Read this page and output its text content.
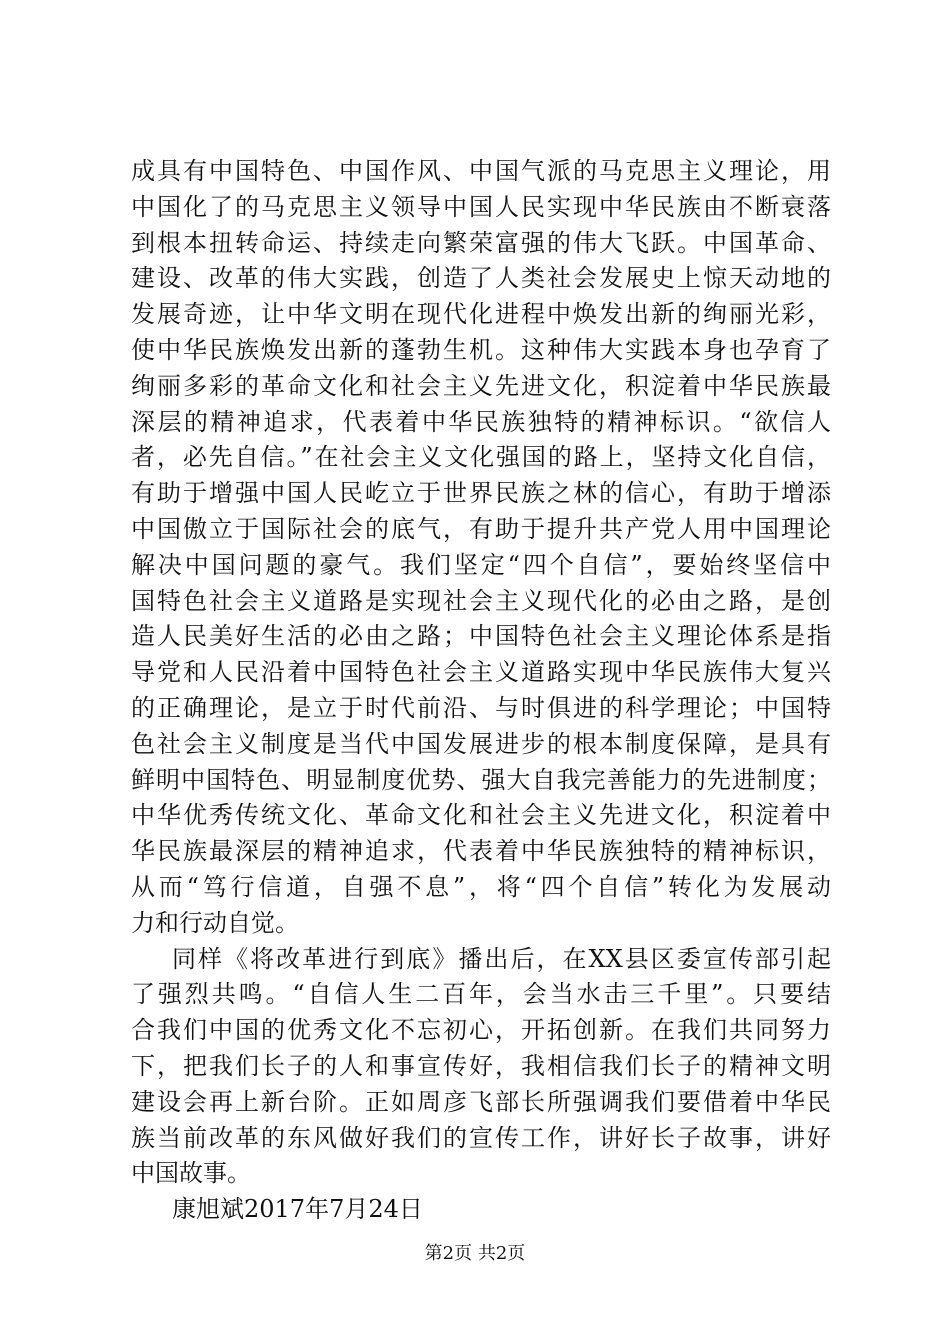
成具有中国特色、中国作风、中国气派的马克思主义理论，用
中国化了的马克思主义领导中国人民实现中华民族由不断衰落
到根本扭转命运、持续走向繁荣富强的伟大飞跃。中国革命、
建设、改革的伟大实践，创造了人类社会发展史上惊天动地的
发展奇迹，让中华文明在现代化进程中焕发出新的绚丽光彩，
使中华民族焕发出新的蓬勃生机。这种伟大实践本身也孕育了
绚丽多彩的革命文化和社会主义先进文化，积淀着中华民族最
深层的精神追求，代表着中华民族独特的精神标识。“欲信人
者，必先自信。”在社会主义文化强国的路上，坚持文化自信，
有助于增强中国人民屹立于世界民族之林的信心，有助于增添
中国傲立于国际社会的底气，有助于提升共产党人用中国理论
解决中国问题的豪气。我们坚定“四个自信”，要始终坚信中
国特色社会主义道路是实现社会主义现代化的必由之路，是创
造人民美好生活的必由之路；中国特色社会主义理论体系是指
导党和人民沿着中国特色社会主义道路实现中华民族伟大复兴
的正确理论，是立于时代前沿、与时俱进的科学理论；中国特
色社会主义制度是当代中国发展进步的根本制度保障，是具有
鲜明中国特色、明显制度优势、强大自我完善能力的先进制度；
中华优秀传统文化、革命文化和社会主义先进文化，积淀着中
华民族最深层的精神追求，代表着中华民族独特的精神标识，
从而“笃行信道，自强不息”，将“四个自信”转化为发展动
力和行动自觉。
同样《将改革进行到底》播出后，在XX县区委宣传部引起
了强烈共鸣。“自信人生二百年，会当水击三千里”。只要结
合我们中国的优秀文化不忘初心，开拓创新。在我们共同努力
下，把我们长子的人和事宣传好，我相信我们长子的精神文明
建设会再上新台阶。正如周彦飞部长所强调我们要借着中华民
族当前改革的东风做好我们的宣传工作，讲好长子故事，讲好
中国故事。
康旭斌2017年7月24日
第2页 共2页
